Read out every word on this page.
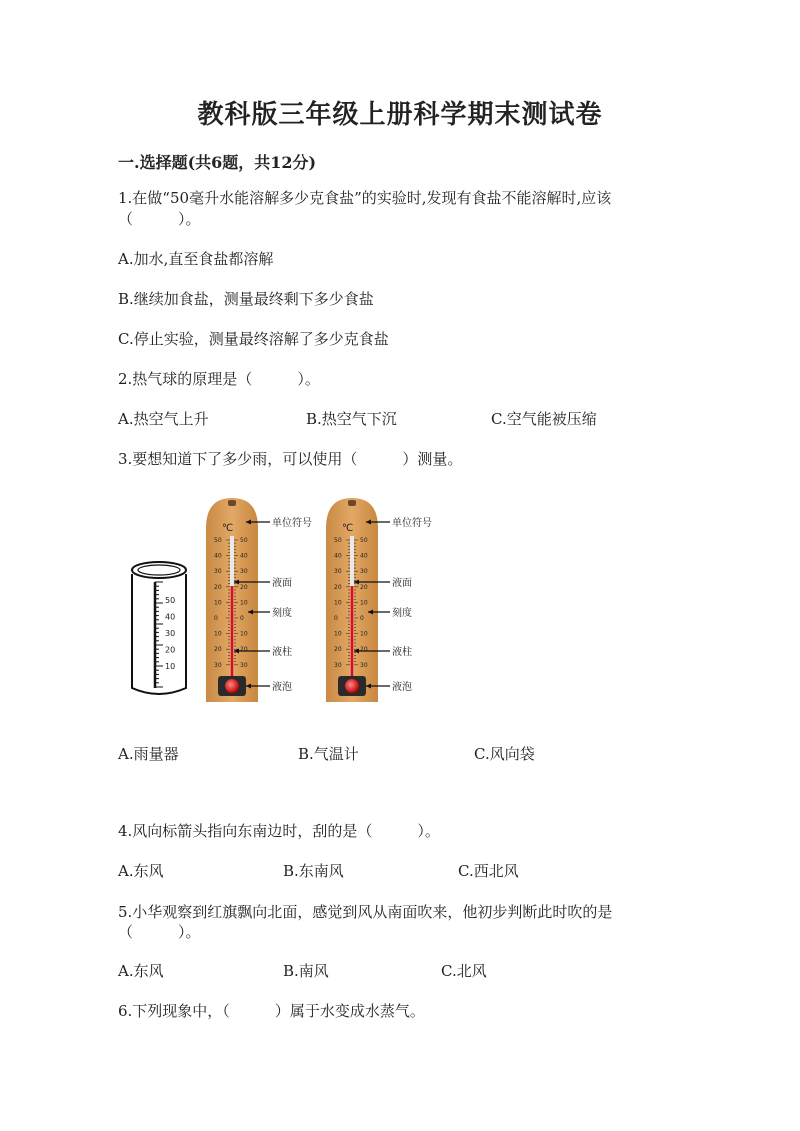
教科版三年级上册科学期末测试卷
一.选择题(共6题，共12分)
1.在做“50毫升水能溶解多少克食盐”的实验时,发现有食盐不能溶解时,应该
（　　　）。
A.加水,直至食盐都溶解
B.继续加食盐，测量最终剩下多少食盐
C.停止实验，测量最终溶解了多少克食盐
2.热气球的原理是（　　　）。
A.热空气上升	B.热空气下沉	C.空气能被压缩
3.要想知道下了多少雨，可以使用（　　　）测量。
50
40
30
20
10
℃
50	50
40	40
30	30
20	20
10	10
0	0
10	10
20	20
30	30
单位符号
液面
刻度
液柱
液泡
℃
50	50
40	40
30	30
20	20
10	10
0	0
10	10
20	20
30	30
单位符号
液面
刻度
液柱
液泡
A.雨量器	B.气温计	C.风向袋
4.风向标箭头指向东南边时，刮的是（　　　）。
A.东风	B.东南风	C.西北风
5.小华观察到红旗飘向北面，感觉到风从南面吹来，他初步判断此时吹的是
（　　　）。
A.东风	B.南风	C.北风
6.下列现象中，（　　　）属于水变成水蒸气。
